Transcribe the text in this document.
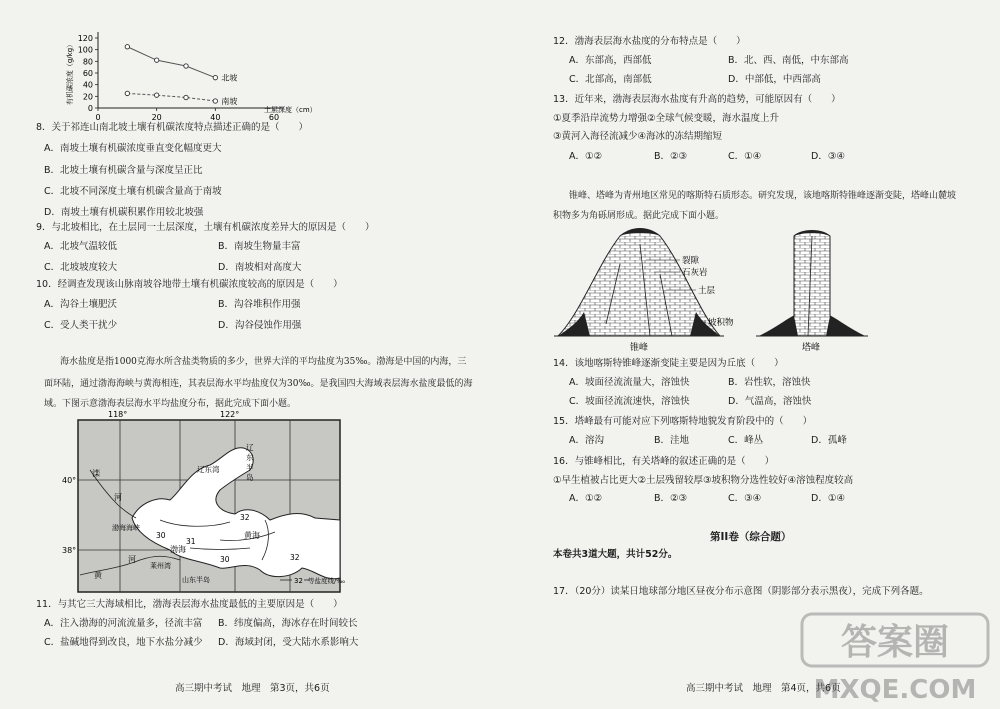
0
20
40
60
80
100
120
0	20	40	60
有机碳浓度（g/kg）
土层深度（cm）
北坡
南坡
8．关于祁连山南北坡土壤有机碳浓度特点描述正确的是（　　）
A．南坡土壤有机碳浓度垂直变化幅度更大
B．北坡土壤有机碳含量与深度呈正比
C．北坡不同深度土壤有机碳含量高于南坡
D．南坡土壤有机碳积累作用较北坡强
9．与北坡相比，在土层同一土层深度，土壤有机碳浓度差异大的原因是（　　）
A．北坡气温较低	B．南坡生物量丰富
C．北坡坡度较大	D．南坡相对高度大
10．经调查发现该山脉南坡谷地带土壤有机碳浓度较高的原因是（　　）
A．沟谷土壤肥沃	B．沟谷堆积作用强
C．受人类干扰少	D．沟谷侵蚀作用强
海水盐度是指1000克海水所含盐类物质的多少，世界大洋的平均盐度为35‰。渤海是中国的内海，三
面环陆，通过渤海海峡与黄海相连，其表层海水平均盐度仅为30‰。是我国四大海域表层海水盐度最低的海
域。下图示意渤海表层海水平均盐度分布，据此完成下面小题。
118°	122°
40°
38°
辽东湾
辽
东
半
岛
渤海
黄海
渤海海峡
莱州湾
山东半岛
滦
河
黄
河
30
32
31
30	32
32 等盐度线/‰
11．与其它三大海域相比，渤海表层海水盐度最低的主要原因是（　　）
A．注入渤海的河流流量多，径流丰富 B．纬度偏高，海冰存在时间较长
C．盐碱地得到改良，地下水盐分减少 D．海域封闭，受大陆水系影响大
高三期中考试　地理　第3页，共6页
12．渤海表层海水盐度的分布特点是（　　）
A．东部高，西部低	B．北、西、南低，中东部高
C．北部高，南部低	D．中部低，中西部高
13．近年来，渤海表层海水盐度有升高的趋势，可能原因有（　　）
①夏季沿岸流势力增强②全球气候变暖，海水温度上升
③黄河入海径流减少④海冰的冻结期缩短
A．①②	B．②③	C．①④	D．③④
锥峰、塔峰为青州地区常见的喀斯特石质形态。研究发现，该地喀斯特锥峰逐渐变陡，塔峰山麓坡
积物多为角砾屑形成。据此完成下面小题。
裂隙
石灰岩
土层
坡积物
锥峰	塔峰
14．该地喀斯特锥峰逐渐变陡主要是因为丘底（　　）
A．坡面径流流量大，溶蚀快	B．岩性软，溶蚀快
C．坡面径流流速快，溶蚀快	D．气温高，溶蚀快
15．塔峰最有可能对应下列喀斯特地貌发育阶段中的（　　）
A．溶沟	B．洼地	C．峰丛	D．孤峰
16．与锥峰相比，有关塔峰的叙述正确的是（　　）
①早生植被占比更大②土层残留较厚③坡积物分选性较好④溶蚀程度较高
A．①②	B．②③	C．③④	D．①④
第II卷（综合题）
本卷共3道大题，共计52分。
17．（20分）读某日地球部分地区昼夜分布示意图（阴影部分表示黑夜），完成下列各题。
高三期中考试　地理　第4页，共6页
答案圈
MXQE.COM
